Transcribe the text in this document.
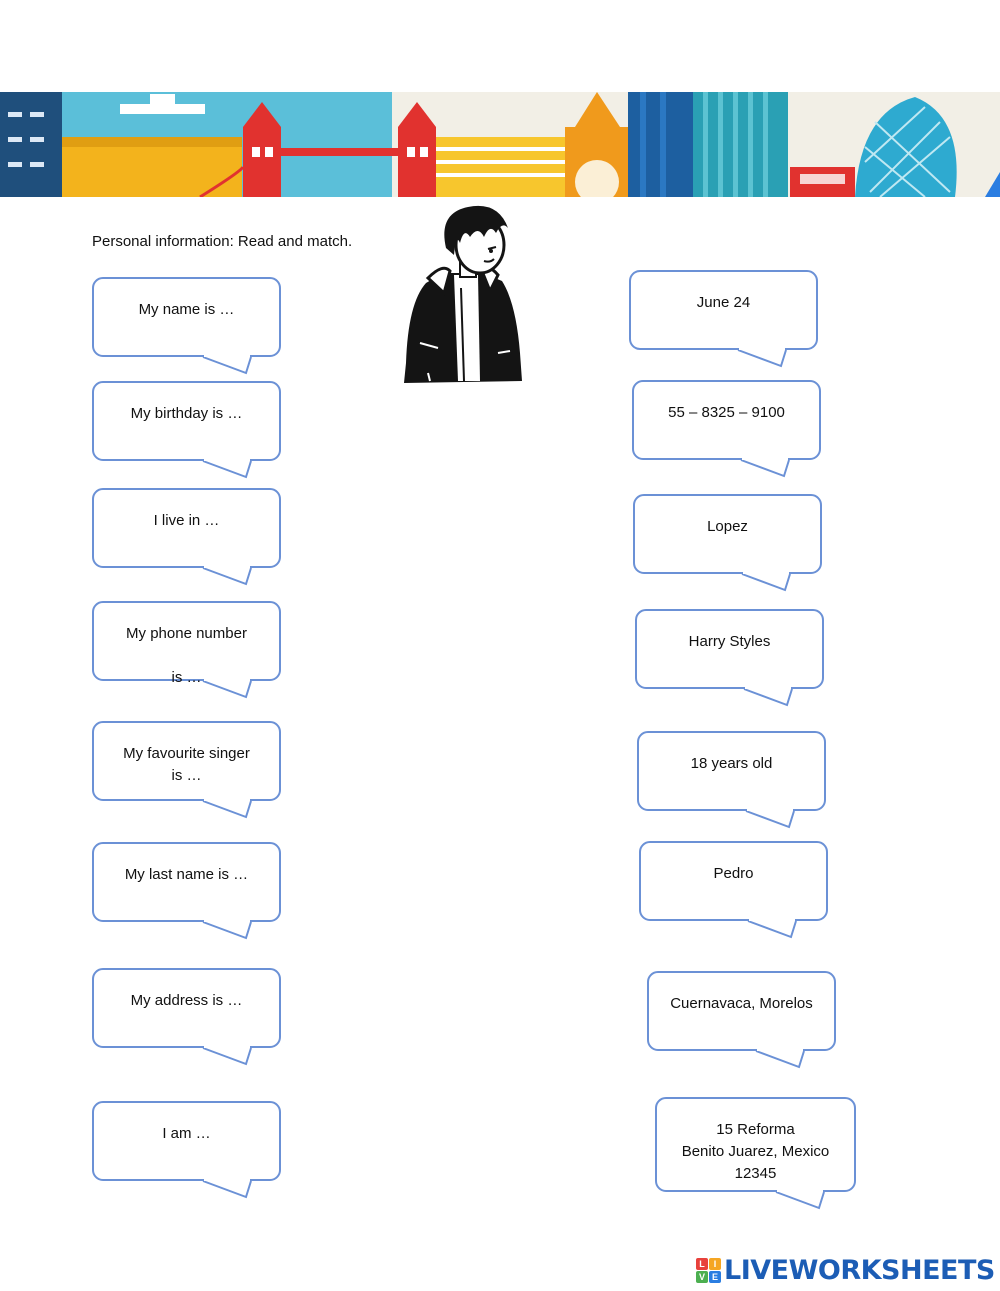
Personal information: Read and match.
My name is …
My birthday is …
I live in …
My phone number

is …
My favourite singer
is …
My last name is …
My address is …
I am …
June 24
55 – 8325 – 9100
Lopez
Harry Styles
18 years old
Pedro
Cuernavaca, Morelos
15 Reforma
Benito Juarez, Mexico
12345
L I
V E LIVEWORKSHEETS
